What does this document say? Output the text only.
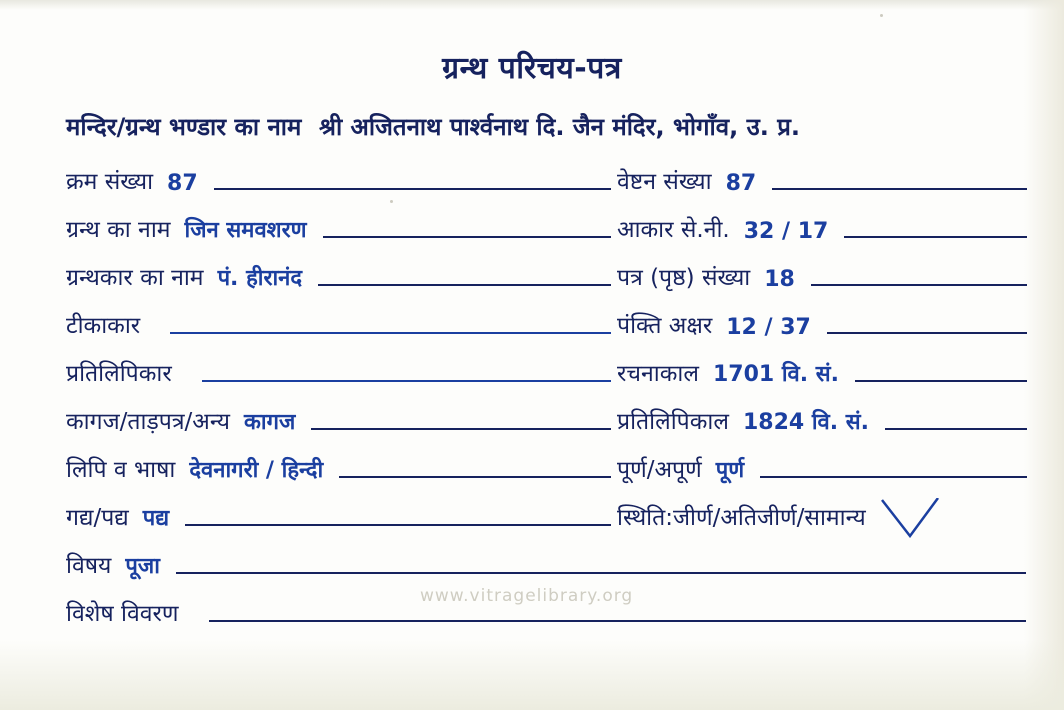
ग्रन्थ परिचय-पत्र
मन्दिर/ग्रन्थ भण्डार का नाम श्री अजितनाथ पार्श्वनाथ दि. जैन मंदिर, भोगाँव, उ. प्र.
क्रम संख्या 87	वेष्टन संख्या 87
ग्रन्थ का नाम जिन समवशरण	आकार से.नी. 32 / 17
ग्रन्थकार का नाम पं. हीरानंद	पत्र (पृष्ठ) संख्या 18
टीकाकार	पंक्ति अक्षर 12 / 37
प्रतिलिपिकार	रचनाकाल 1701 वि. सं.
कागज/ताड़पत्र/अन्य कागज	प्रतिलिपिकाल 1824 वि. सं.
लिपि व भाषा देवनागरी / हिन्दी	पूर्ण/अपूर्ण पूर्ण
गद्य/पद्य पद्य	स्थिति:जीर्ण/अतिजीर्ण/सामान्य
विषय पूजा
विशेष विवरण
www.vitragelibrary.org
